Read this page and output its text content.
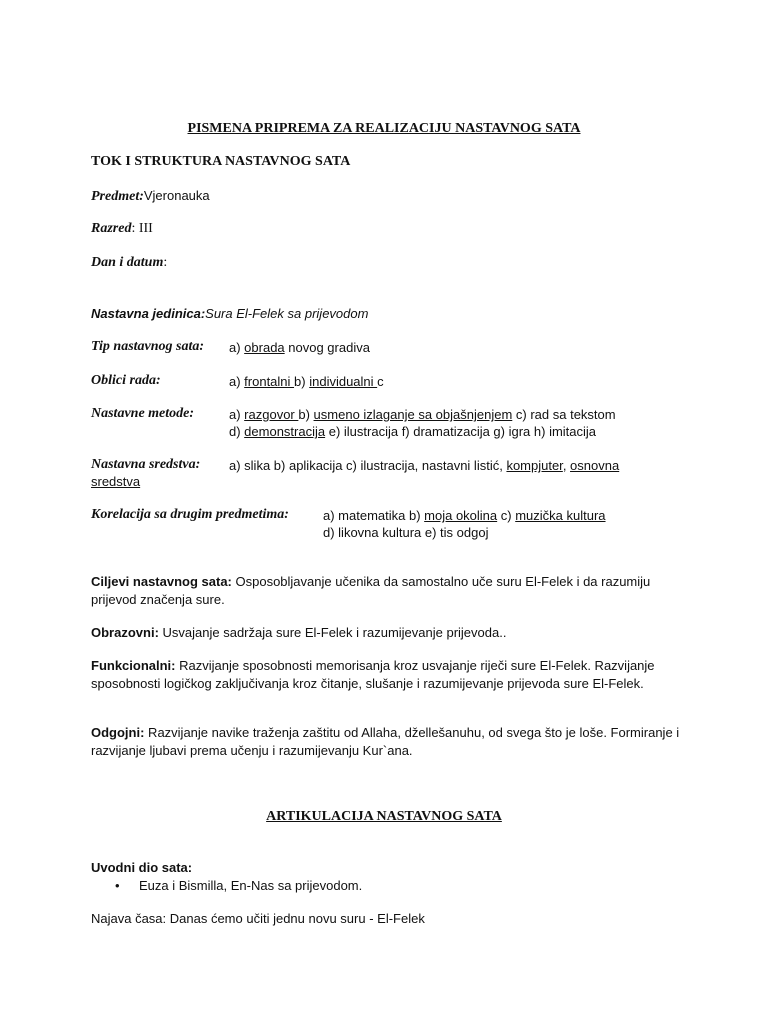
PISMENA PRIPREMA ZA REALIZACIJU NASTAVNOG SATA
TOK I STRUKTURA NASTAVNOG SATA
Predmet:Vjeronauka
Razred: III
Dan i datum:
Nastavna jedinica:Sura El-Felek sa prijevodom
Tip nastavnog sata: a) obrada novog gradiva
Oblici rada:	a) frontalni b) individualni c
Nastavne metode:	a) razgovor b) usmeno izlaganje sa objašnjenjem c) rad sa tekstom
d) demonstracija e) ilustracija f) dramatizacija g) igra h) imitacija
Nastavna sredstva: a) slika b) aplikacija c) ilustracija, nastavni listić, kompjuter, osnovna
sredstva
Korelacija sa drugim predmetima:	a) matematika b) moja okolina c) muzička kultura
d) likovna kultura e) tis odgoj
Ciljevi nastavnog sata: Osposobljavanje učenika da samostalno uče suru El-Felek i da razumiju prijevod značenja sure.
Obrazovni: Usvajanje sadržaja sure El-Felek i razumijevanje prijevoda..
Funkcionalni: Razvijanje sposobnosti memorisanja kroz usvajanje riječi sure El-Felek. Razvijanje sposobnosti logičkog zaključivanja kroz čitanje, slušanje i razumijevanje prijevoda sure El-Felek.
Odgojni: Razvijanje navike traženja zaštitu od Allaha, džellešanuhu, od svega što je loše. Formiranje i razvijanje ljubavi prema učenju i razumijevanju Kur`ana.
ARTIKULACIJA NASTAVNOG SATA
Uvodni dio sata:
• Euza i Bismilla, En-Nas sa prijevodom.
Najava časa: Danas ćemo učiti jednu novu suru - El-Felek
